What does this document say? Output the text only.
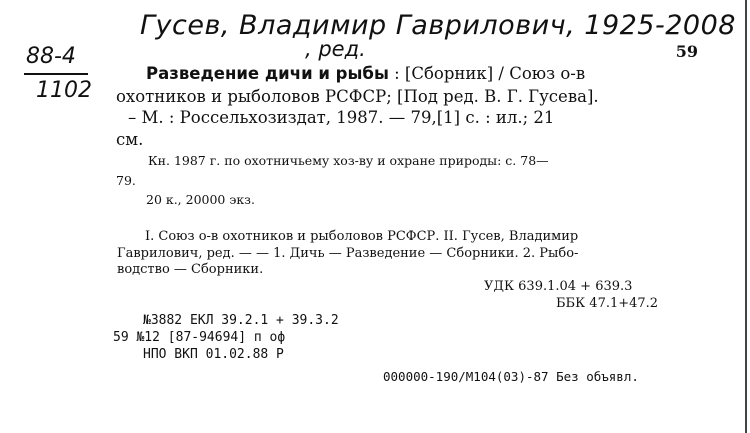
Гусев, Владимир Гаврилович, 1925-2008
, ред.
88-4
1102
59
Разведение дичи и рыбы : [Сборник] / Союз о-в
охотников и рыболовов РСФСР; [Под ред. В. Г. Гусева].
– М. : Россельхозиздат, 1987. — 79,[1] с. : ил.; 21
см.
Кн. 1987 г. по охотничьему хоз-ву и охране природы: с. 78—
79.
20 к., 20000 экз.
I. Союз о-в охотников и рыболовов РСФСР. II. Гусев, Владимир
Гаврилович, ред. — — 1. Дичь — Разведение — Сборники. 2. Рыбо-
водство — Сборники.
УДК 639.1.04 + 639.3
ББК 47.1+47.2
№3882 ЕКЛ 39.2.1 + 39.3.2
59 №12 [87-94694] п оф
НПО ВКП 01.02.88 Р
000000-190/М104(03)-87 Без объявл.
